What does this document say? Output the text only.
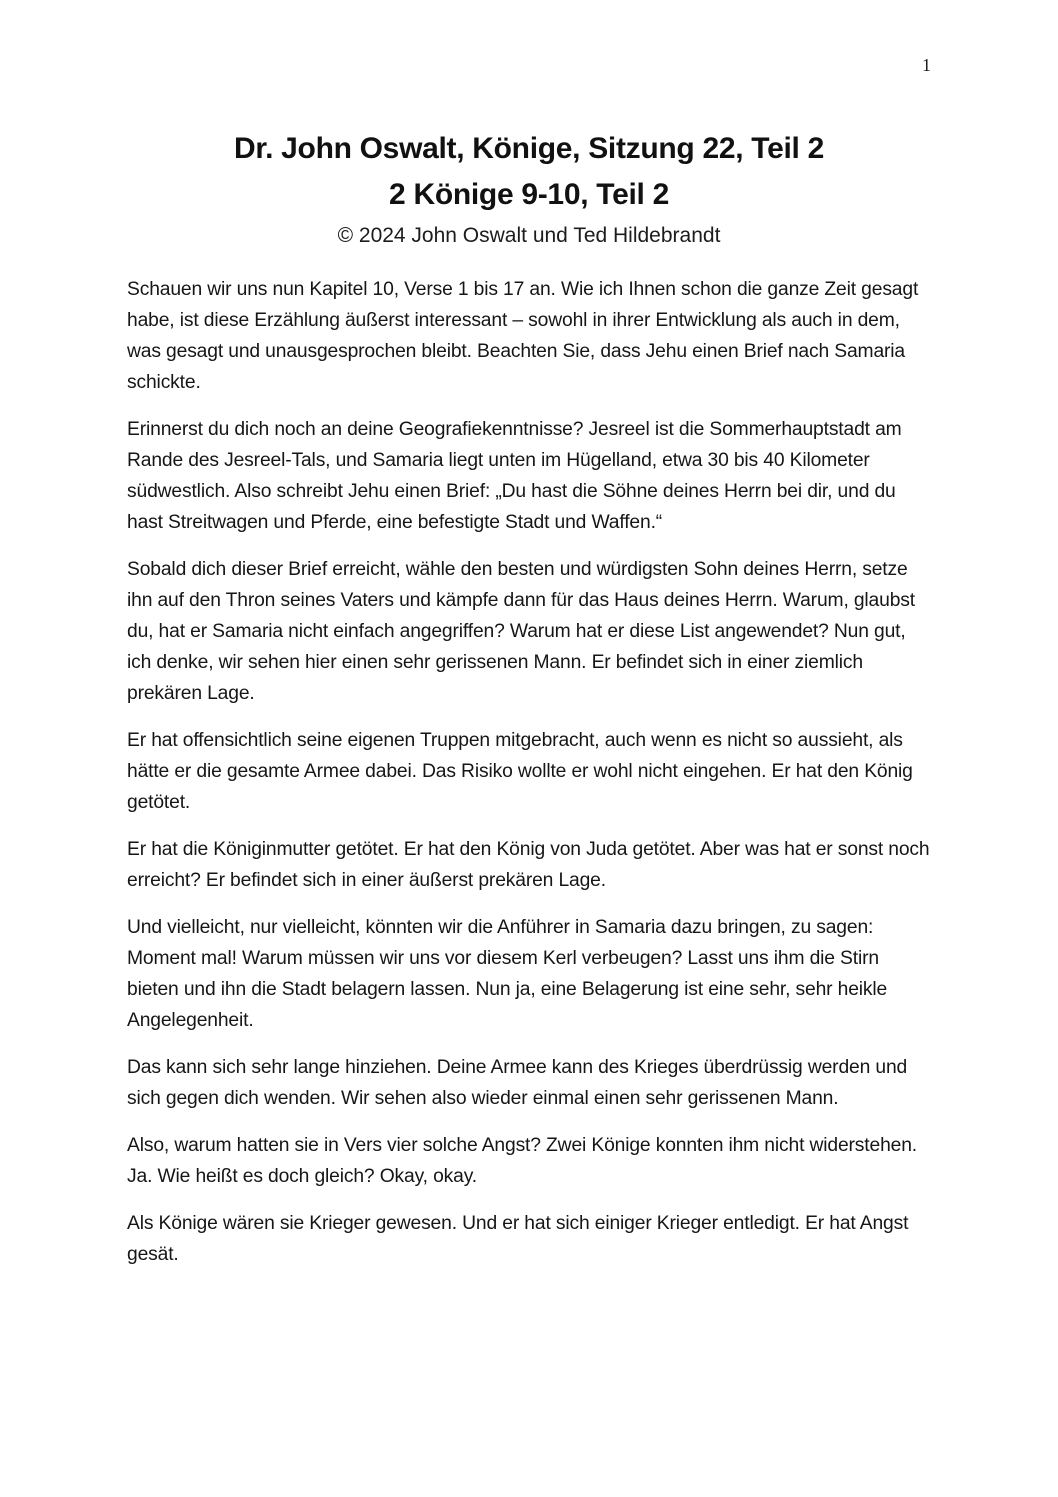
1
Dr. John Oswalt, Könige, Sitzung 22, Teil 2
2 Könige 9-10, Teil 2
© 2024 John Oswalt und Ted Hildebrandt

Schauen wir uns nun Kapitel 10, Verse 1 bis 17 an. Wie ich Ihnen schon die ganze Zeit gesagt habe, ist diese Erzählung äußerst interessant – sowohl in ihrer Entwicklung als auch in dem, was gesagt und unausgesprochen bleibt. Beachten Sie, dass Jehu einen Brief nach Samaria schickte.

Erinnerst du dich noch an deine Geografiekenntnisse? Jesreel ist die Sommerhauptstadt am Rande des Jesreel-Tals, und Samaria liegt unten im Hügelland, etwa 30 bis 40 Kilometer südwestlich. Also schreibt Jehu einen Brief: „Du hast die Söhne deines Herrn bei dir, und du hast Streitwagen und Pferde, eine befestigte Stadt und Waffen.“

Sobald dich dieser Brief erreicht, wähle den besten und würdigsten Sohn deines Herrn, setze ihn auf den Thron seines Vaters und kämpfe dann für das Haus deines Herrn. Warum, glaubst du, hat er Samaria nicht einfach angegriffen? Warum hat er diese List angewendet? Nun gut, ich denke, wir sehen hier einen sehr gerissenen Mann. Er befindet sich in einer ziemlich prekären Lage.

Er hat offensichtlich seine eigenen Truppen mitgebracht, auch wenn es nicht so aussieht, als hätte er die gesamte Armee dabei. Das Risiko wollte er wohl nicht eingehen. Er hat den König getötet.

Er hat die Königinmutter getötet. Er hat den König von Juda getötet. Aber was hat er sonst noch erreicht? Er befindet sich in einer äußerst prekären Lage.

Und vielleicht, nur vielleicht, könnten wir die Anführer in Samaria dazu bringen, zu sagen: Moment mal! Warum müssen wir uns vor diesem Kerl verbeugen? Lasst uns ihm die Stirn bieten und ihn die Stadt belagern lassen. Nun ja, eine Belagerung ist eine sehr, sehr heikle Angelegenheit.

Das kann sich sehr lange hinziehen. Deine Armee kann des Krieges überdrüssig werden und sich gegen dich wenden. Wir sehen also wieder einmal einen sehr gerissenen Mann.

Also, warum hatten sie in Vers vier solche Angst? Zwei Könige konnten ihm nicht widerstehen. Ja. Wie heißt es doch gleich? Okay, okay.

Als Könige wären sie Krieger gewesen. Und er hat sich einiger Krieger entledigt. Er hat Angst gesät.
